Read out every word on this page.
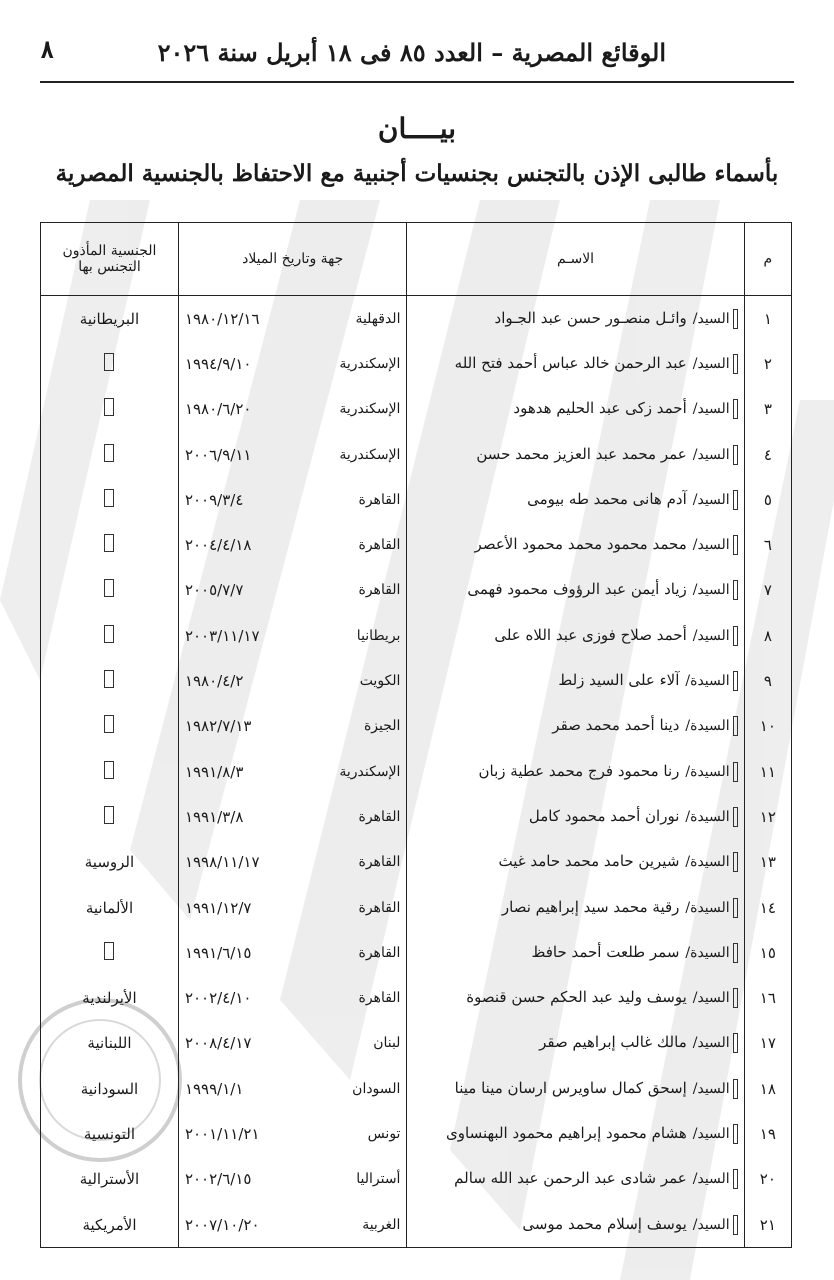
الوقائع المصرية – العدد ٨٥ فى ١٨ أبريل سنة ٢٠٢٦
٨
بيــــان
بأسماء طالبى الإذن بالتجنس بجنسيات أجنبية مع الاحتفاظ بالجنسية المصرية
م	الاسـم	جهة وتاريخ الميلاد	الجنسية المأذون التجنس بها
١	السيد/وائـل منصـور حسن عبد الجـواد	الدقهلية
١٩٨٠/١٢/١٦	البريطانية
٢	السيد/عبد الرحمن خالد عباس أحمد فتح الله	الإسكندرية
١٩٩٤/٩/١٠	

٣	السيد/أحمد زكى عبد الحليم هدهود	الإسكندرية
١٩٨٠/٦/٢٠	

٤	السيد/عمر محمد عبد العزيز محمد حسن	الإسكندرية
٢٠٠٦/٩/١١	

٥	السيد/آدم هانى محمد طه بيومى	القاهرة
٢٠٠٩/٣/٤	

٦	السيد/محمد محمود محمد محمود الأعصر	القاهرة
٢٠٠٤/٤/١٨	

٧	السيد/زياد أيمن عبد الرؤوف محمود فهمى	القاهرة
٢٠٠٥/٧/٧	

٨	السيد/أحمد صلاح فوزى عبد اللاه على	بريطانيا
٢٠٠٣/١١/١٧	

٩	السيدة/آلاء على السيد زلط	الكويت
١٩٨٠/٤/٢	

١٠	السيدة/دينا أحمد محمد صقر	الجيزة
١٩٨٢/٧/١٣	

١١	السيدة/رنا محمود فرج محمد عطية زبان	الإسكندرية
١٩٩١/٨/٣	

١٢	السيدة/نوران أحمد محمود كامل	القاهرة
١٩٩١/٣/٨	

١٣	السيدة/شيرين حامد محمد حامد غيث	القاهرة
١٩٩٨/١١/١٧	الروسية
١٤	السيدة/رقية محمد سيد إبراهيم نصار	القاهرة
١٩٩١/١٢/٧	الألمانية
١٥	السيدة/سمر طلعت أحمد حافظ	القاهرة
١٩٩١/٦/١٥	

١٦	السيد/يوسف وليد عبد الحكم حسن قنصوة	القاهرة
٢٠٠٢/٤/١٠	الأيرلندية
١٧	السيد/مالك غالب إبراهيم صقر	لبنان
٢٠٠٨/٤/١٧	اللبنانية
١٨	السيد/إسحق كمال ساويرس ارسان مينا مينا	السودان
١٩٩٩/١/١	السودانية
١٩	السيد/هشام محمود إبراهيم محمود البهنساوى	تونس
٢٠٠١/١١/٢١	التونسية
٢٠	السيد/عمر شادى عبد الرحمن عبد الله سالم	أستراليا
٢٠٠٢/٦/١٥	الأسترالية
٢١	السيد/يوسف إسلام محمد موسى	الغربية
٢٠٠٧/١٠/٢٠	الأمريكية
